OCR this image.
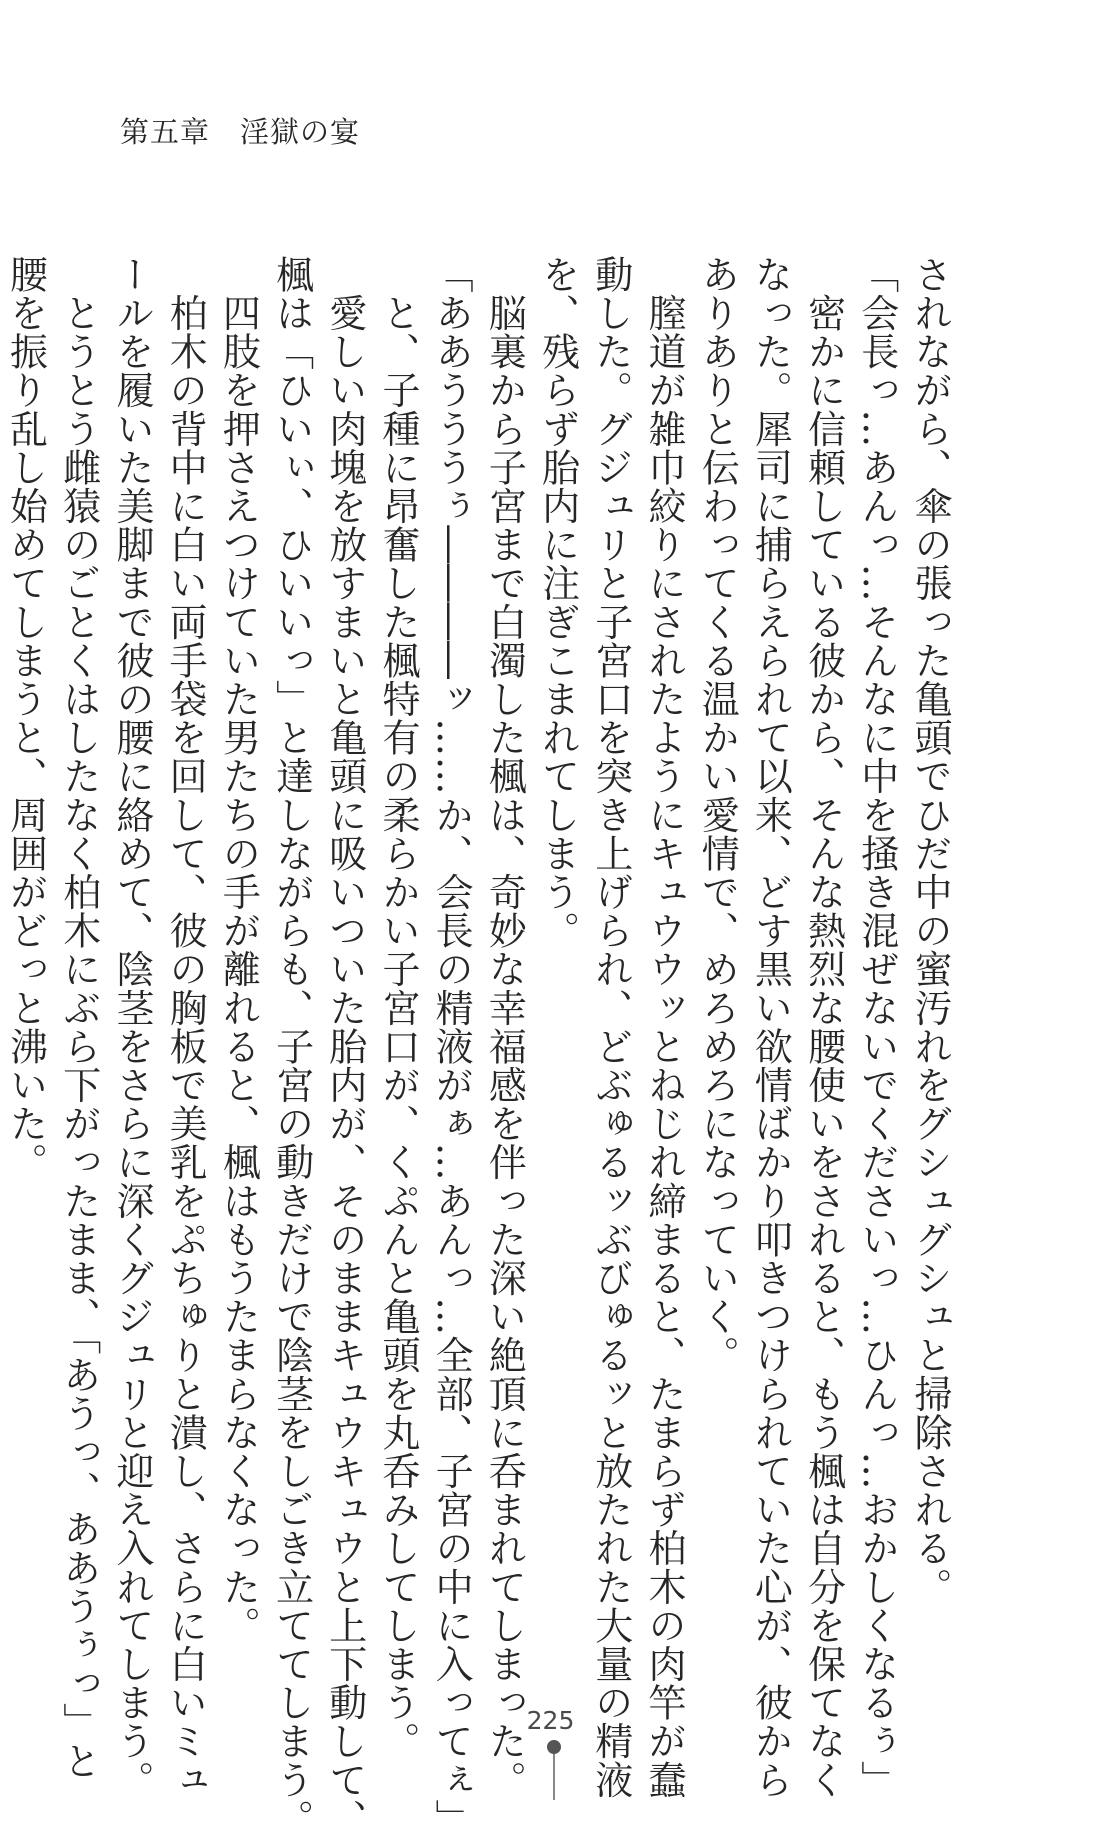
第五章　淫獄の宴

されながら、傘の張った亀頭でひだ中の蜜汚れをグシュグシュと掃除される。

「会長っ…あんっ…そんなに中を掻き混ぜないでくださいっ…ひんっ…おかしくなるぅ」

　密かに信頼している彼から、そんな熱烈な腰使いをされると、もう楓は自分を保てなく

なった。犀司に捕らえられて以来、どす黒い欲情ばかり叩きつけられていた心が、彼から

ありありと伝わってくる温かい愛情で、めろめろになっていく。

　膣道が雑巾絞りにされたようにキュウウッとねじれ締まると、たまらず柏木の肉竿が蠢

動した。グジュリと子宮口を突き上げられ、どぶゅるッぶびゅるッと放たれた大量の精液

を、残らず胎内に注ぎこまれてしまう。

　脳裏から子宮まで白濁した楓は、奇妙な幸福感を伴った深い絶頂に呑まれてしまった。

「ああうううぅ――――ッ……か、会長の精液がぁ…あんっ…全部、子宮の中に入ってぇ」

　と、子種に昂奮した楓特有の柔らかい子宮口が、くぷんと亀頭を丸呑みしてしまう。

　愛しい肉塊を放すまいと亀頭に吸いついた胎内が、そのままキュウキュウと上下動して、

楓は「ひいぃ、ひいいっ」と達しながらも、子宮の動きだけで陰茎をしごき立ててしまう。

　四肢を押さえつけていた男たちの手が離れると、楓はもうたまらなくなった。

　柏木の背中に白い両手袋を回して、彼の胸板で美乳をぷちゅりと潰し、さらに白いミュ

ールを履いた美脚まで彼の腰に絡めて、陰茎をさらに深くグジュリと迎え入れてしまう。

　とうとう雌猿のごとくはしたなく柏木にぶら下がったまま、「あうっ、ああうぅっ」と

腰を振り乱し始めてしまうと、周囲がどっと沸いた。

225
